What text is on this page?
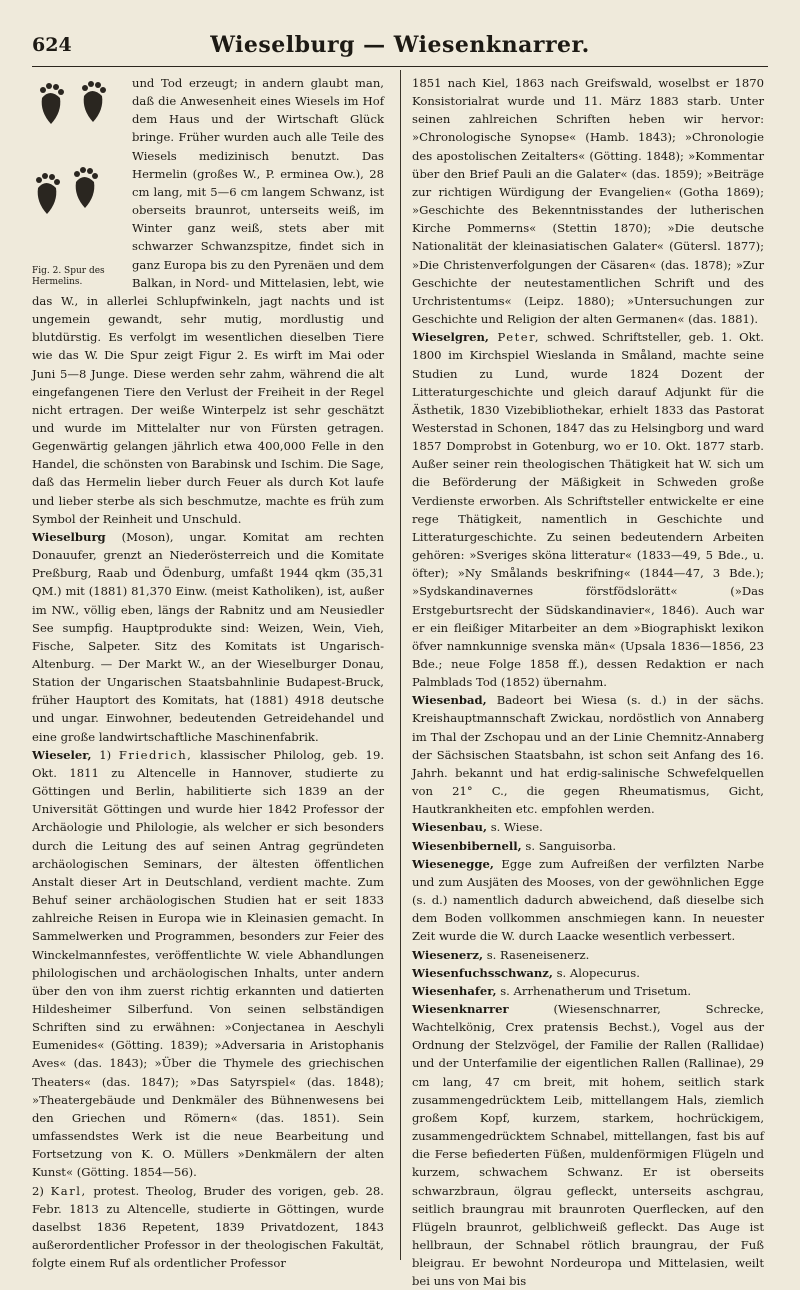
624	Wieselburg — Wiesenknarrer.

Fig. 2. Spur des Hermelins.
und Tod erzeugt; in andern glaubt man, daß die Anwesenheit eines Wiesels im Hof dem Haus und der Wirtschaft Glück bringe. Früher wurden auch alle Teile des Wiesels medizinisch benutzt. Das Hermelin (großes W., P. erminea Ow.), 28 cm lang, mit 5—6 cm langem Schwanz, ist oberseits braunrot, unterseits weiß, im Winter ganz weiß, stets aber mit schwarzer Schwanzspitze, findet sich in ganz Europa bis zu den Pyrenäen und dem Balkan, in Nord- und Mittelasien, lebt, wie das W., in allerlei Schlupfwinkeln, jagt nachts und ist ungemein gewandt, sehr mutig, mordlustig und blutdürstig. Es verfolgt im wesentlichen dieselben Tiere wie das W. Die Spur zeigt Figur 2. Es wirft im Mai oder Juni 5—8 Junge. Diese werden sehr zahm, während die alt eingefangenen Tiere den Verlust der Freiheit in der Regel nicht ertragen. Der weiße Winterpelz ist sehr geschätzt und wurde im Mittelalter nur von Fürsten getragen. Gegenwärtig gelangen jährlich etwa 400,000 Felle in den Handel, die schönsten von Barabinsk und Ischim. Die Sage, daß das Hermelin lieber durch Feuer als durch Kot laufe und lieber sterbe als sich beschmutze, machte es früh zum Symbol der Reinheit und Unschuld.

Wieselburg (Moson), ungar. Komitat am rechten Donauufer, grenzt an Niederösterreich und die Komitate Preßburg, Raab und Ödenburg, umfaßt 1944 qkm (35,31 QM.) mit (1881) 81,370 Einw. (meist Katholiken), ist, außer im NW., völlig eben, längs der Rabnitz und am Neusiedler See sumpfig. Hauptprodukte sind: Weizen, Wein, Vieh, Fische, Salpeter. Sitz des Komitats ist Ungarisch-Altenburg. — Der Markt W., an der Wieselburger Donau, Station der Ungarischen Staatsbahnlinie Budapest-Bruck, früher Hauptort des Komitats, hat (1881) 4918 deutsche und ungar. Einwohner, bedeutenden Getreidehandel und eine große landwirtschaftliche Maschinenfabrik.

Wieseler, 1) Friedrich, klassischer Philolog, geb. 19. Okt. 1811 zu Altencelle in Hannover, studierte zu Göttingen und Berlin, habilitierte sich 1839 an der Universität Göttingen und wurde hier 1842 Professor der Archäologie und Philologie, als welcher er sich besonders durch die Leitung des auf seinen Antrag gegründeten archäologischen Seminars, der ältesten öffentlichen Anstalt dieser Art in Deutschland, verdient machte. Zum Behuf seiner archäologischen Studien hat er seit 1833 zahlreiche Reisen in Europa wie in Kleinasien gemacht. In Sammelwerken und Programmen, besonders zur Feier des Winckelmannfestes, veröffentlichte W. viele Abhandlungen philologischen und archäologischen Inhalts, unter andern über den von ihm zuerst richtig erkannten und datierten Hildesheimer Silberfund. Von seinen selbständigen Schriften sind zu erwähnen: »Conjectanea in Aeschyli Eumenides« (Götting. 1839); »Adversaria in Aristophanis Aves« (das. 1843); »Über die Thymele des griechischen Theaters« (das. 1847); »Das Satyrspiel« (das. 1848); »Theatergebäude und Denkmäler des Bühnenwesens bei den Griechen und Römern« (das. 1851). Sein umfassendstes Werk ist die neue Bearbeitung und Fortsetzung von K. O. Müllers »Denkmälern der alten Kunst« (Götting. 1854—56).

2) Karl, protest. Theolog, Bruder des vorigen, geb. 28. Febr. 1813 zu Altencelle, studierte in Göttingen, wurde daselbst 1836 Repetent, 1839 Privatdozent, 1843 außerordentlicher Professor in der theologischen Fakultät, folgte einem Ruf als ordentlicher Professor

1851 nach Kiel, 1863 nach Greifswald, woselbst er 1870 Konsistorialrat wurde und 11. März 1883 starb. Unter seinen zahlreichen Schriften heben wir hervor: »Chronologische Synopse« (Hamb. 1843); »Chronologie des apostolischen Zeitalters« (Götting. 1848); »Kommentar über den Brief Pauli an die Galater« (das. 1859); »Beiträge zur richtigen Würdigung der Evangelien« (Gotha 1869); »Geschichte des Bekenntnisstandes der lutherischen Kirche Pommerns« (Stettin 1870); »Die deutsche Nationalität der kleinasiatischen Galater« (Gütersl. 1877); »Die Christenverfolgungen der Cäsaren« (das. 1878); »Zur Geschichte der neutestamentlichen Schrift und des Urchristentums« (Leipz. 1880); »Untersuchungen zur Geschichte und Religion der alten Germanen« (das. 1881).

Wieselgren, Peter, schwed. Schriftsteller, geb. 1. Okt. 1800 im Kirchspiel Wieslanda in Småland, machte seine Studien zu Lund, wurde 1824 Dozent der Litteraturgeschichte und gleich darauf Adjunkt für die Ästhetik, 1830 Vizebibliothekar, erhielt 1833 das Pastorat Westerstad in Schonen, 1847 das zu Helsingborg und ward 1857 Domprobst in Gotenburg, wo er 10. Okt. 1877 starb. Außer seiner rein theologischen Thätigkeit hat W. sich um die Beförderung der Mäßigkeit in Schweden große Verdienste erworben. Als Schriftsteller entwickelte er eine rege Thätigkeit, namentlich in Geschichte und Litteraturgeschichte. Zu seinen bedeutendern Arbeiten gehören: »Sveriges sköna litteratur« (1833—49, 5 Bde., u. öfter); »Ny Smålands beskrifning« (1844—47, 3 Bde.); »Sydskandinavernes förstfödslorätt« (»Das Erstgeburtsrecht der Südskandinavier«, 1846). Auch war er ein fleißiger Mitarbeiter an dem »Biographiskt lexikon öfver namnkunnige svenska män« (Upsala 1836—1856, 23 Bde.; neue Folge 1858 ff.), dessen Redaktion er nach Palmblads Tod (1852) übernahm.

Wiesenbad, Badeort bei Wiesa (s. d.) in der sächs. Kreishauptmannschaft Zwickau, nordöstlich von Annaberg im Thal der Zschopau und an der Linie Chemnitz-Annaberg der Sächsischen Staatsbahn, ist schon seit Anfang des 16. Jahrh. bekannt und hat erdig-salinische Schwefelquellen von 21° C., die gegen Rheumatismus, Gicht, Hautkrankheiten etc. empfohlen werden.

Wiesenbau, s. Wiese.

Wiesenbibernell, s. Sanguisorba.

Wiesenegge, Egge zum Aufreißen der verfilzten Narbe und zum Ausjäten des Mooses, von der gewöhnlichen Egge (s. d.) namentlich dadurch abweichend, daß dieselbe sich dem Boden vollkommen anschmiegen kann. In neuester Zeit wurde die W. durch Laacke wesentlich verbessert.

Wiesenerz, s. Raseneisenerz.

Wiesenfuchsschwanz, s. Alopecurus.

Wiesenhafer, s. Arrhenatherum und Trisetum.

Wiesenknarrer (Wiesenschnarrer, Schrecke, Wachtelkönig, Crex pratensis Bechst.), Vogel aus der Ordnung der Stelzvögel, der Familie der Rallen (Rallidae) und der Unterfamilie der eigentlichen Rallen (Rallinae), 29 cm lang, 47 cm breit, mit hohem, seitlich stark zusammengedrücktem Leib, mittellangem Hals, ziemlich großem Kopf, kurzem, starkem, hochrückigem, zusammengedrücktem Schnabel, mittellangen, fast bis auf die Ferse befiederten Füßen, muldenförmigen Flügeln und kurzem, schwachem Schwanz. Er ist oberseits schwarzbraun, ölgrau gefleckt, unterseits aschgrau, seitlich braungrau mit braunroten Querflecken, auf den Flügeln braunrot, gelblichweiß gefleckt. Das Auge ist hellbraun, der Schnabel rötlich braungrau, der Fuß bleigrau. Er bewohnt Nordeuropa und Mittelasien, weilt bei uns von Mai bis
